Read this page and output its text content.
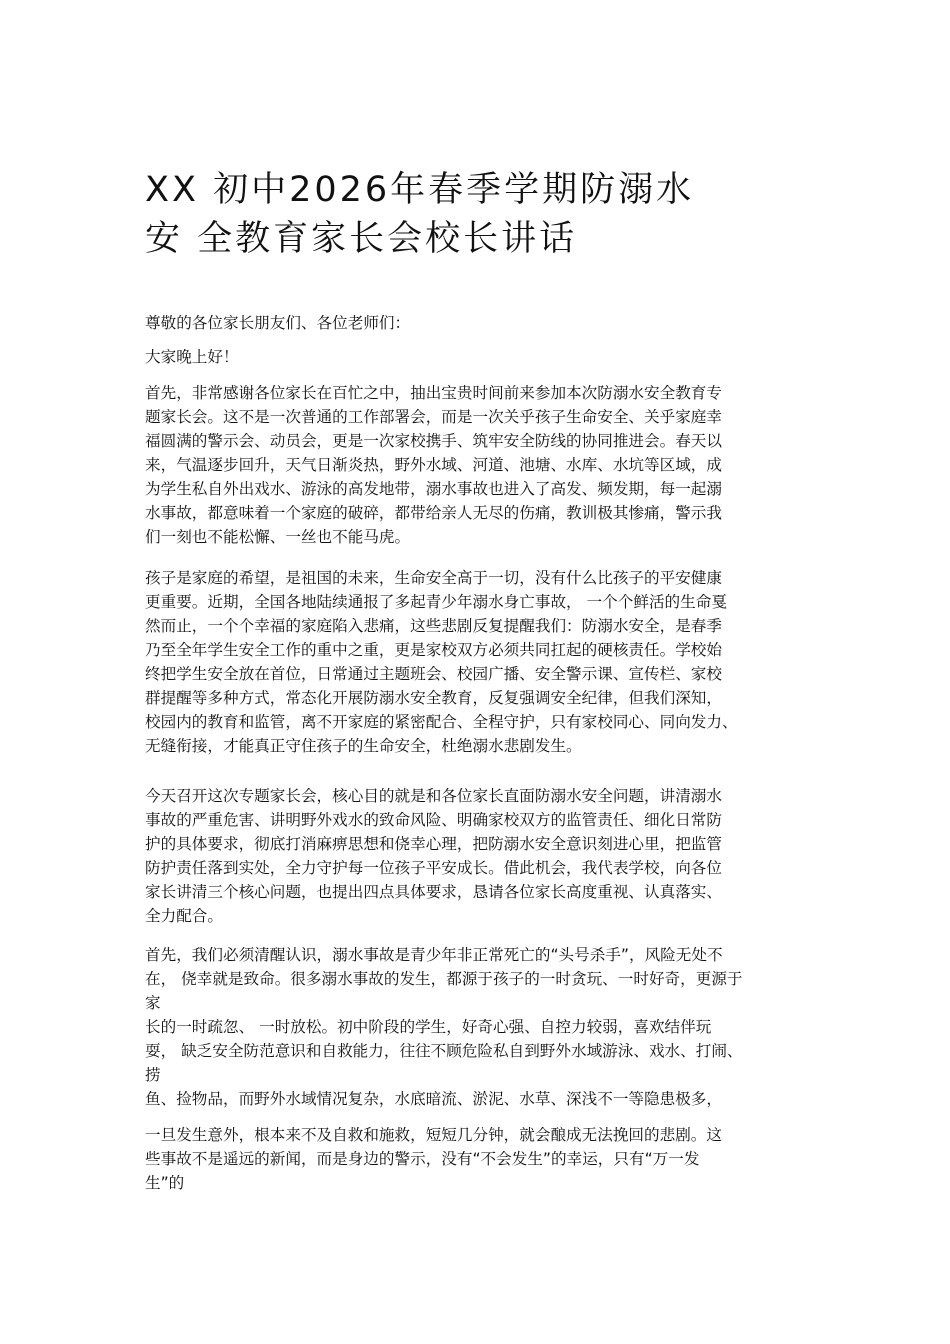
XX 初中2026年春季学期防溺水
安 全教育家长会校长讲话
尊敬的各位家长朋友们、各位老师们：
大家晚上好！
首先，非常感谢各位家长在百忙之中，抽出宝贵时间前来参加本次防溺水安全教育专
题家长会。这不是一次普通的工作部署会，而是一次关乎孩子生命安全、关乎家庭幸
福圆满的警示会、动员会，更是一次家校携手、筑牢安全防线的协同推进会。春天以
来，气温逐步回升，天气日渐炎热，野外水域、河道、池塘、水库、水坑等区域，成
为学生私自外出戏水、游泳的高发地带，溺水事故也进入了高发、频发期，每一起溺
水事故，都意味着一个家庭的破碎，都带给亲人无尽的伤痛，教训极其惨痛，警示我
们一刻也不能松懈、一丝也不能马虎。
孩子是家庭的希望，是祖国的未来，生命安全高于一切，没有什么比孩子的平安健康
更重要。近期，全国各地陆续通报了多起青少年溺水身亡事故， 一个个鲜活的生命戛
然而止，一个个幸福的家庭陷入悲痛，这些悲剧反复提醒我们：防溺水安全，是春季
乃至全年学生安全工作的重中之重，更是家校双方必须共同扛起的硬核责任。学校始
终把学生安全放在首位，日常通过主题班会、校园广播、安全警示课、宣传栏、家校
群提醒等多种方式，常态化开展防溺水安全教育，反复强调安全纪律，但我们深知，
校园内的教育和监管，离不开家庭的紧密配合、全程守护，只有家校同心、同向发力、
无缝衔接，才能真正守住孩子的生命安全，杜绝溺水悲剧发生。
今天召开这次专题家长会，核心目的就是和各位家长直面防溺水安全问题，讲清溺水
事故的严重危害、讲明野外戏水的致命风险、明确家校双方的监管责任、细化日常防
护的具体要求，彻底打消麻痹思想和侥幸心理，把防溺水安全意识刻进心里，把监管
防护责任落到实处，全力守护每一位孩子平安成长。借此机会，我代表学校，向各位
家长讲清三个核心问题，也提出四点具体要求，恳请各位家长高度重视、认真落实、
全力配合。
首先，我们必须清醒认识，溺水事故是青少年非正常死亡的“头号杀手”，风险无处不
在， 侥幸就是致命。很多溺水事故的发生，都源于孩子的一时贪玩、一时好奇，更源于
家
长的一时疏忽、 一时放松。初中阶段的学生，好奇心强、自控力较弱，喜欢结伴玩
耍， 缺乏安全防范意识和自救能力，往往不顾危险私自到野外水域游泳、戏水、打闹、
捞
鱼、捡物品，而野外水域情况复杂，水底暗流、淤泥、水草、深浅不一等隐患极多，
一旦发生意外，根本来不及自救和施救，短短几分钟，就会酿成无法挽回的悲剧。这
些事故不是遥远的新闻，而是身边的警示，没有“不会发生”的幸运，只有“万一发
生”的
